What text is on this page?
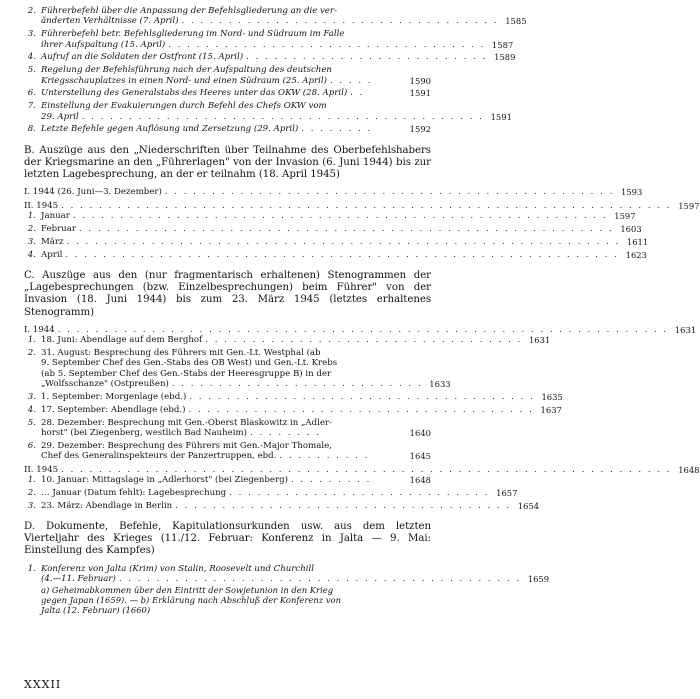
2. Führerbefehl über die Anpassung der Befehlsgliederung an die ver-
änderten Verhältnisse (7. April) . . . . . . . . . . . . . . . . . . . . . . . . . . . . . . . . . . 1585
3. Führerbefehl betr. Befehlsgliederung im Nord- und Südraum im Falle
ihrer Aufspaltung (15. April) . . . . . . . . . . . . . . . . . . . . . . . . . . . . . . . . . . 1587
4. Aufruf an die Soldaten der Ostfront (15. April) . . . . . . . . . . . . . . . . . . . . . . . . . . 1589
5. Regelung der Befehlsführung nach der Aufspaltung des deutschen
Kriegsschauplatzes in einen Nord- und einen Südraum (25. April) . . . . .	1590
6. Unterstellung des Generalstabs des Heeres unter das OKW (28. April) . .	1591
7. Einstellung der Evakuierungen durch Befehl des Chefs OKW vom
29. April . . . . . . . . . . . . . . . . . . . . . . . . . . . . . . . . . . . . . . . . . . . 1591
8. Letzte Befehle gegen Auflösung und Zersetzung (29. April) . . . . . . . .	1592
B. Auszüge aus den „Niederschriften über Teilnahme des Oberbefehlshabers der Kriegsmarine an den „Führerlagen" von der Invasion (6. Juni 1944) bis zur letzten Lagebesprechung, an der er teilnahm (18. April 1945)
I. 1944 (26. Juni—3. Dezember) . . . . . . . . . . . . . . . . . . . . . . . . . . . . . . . . . . . . . . . . . . . . . . . . 1593
II. 1945 . . . . . . . . . . . . . . . . . . . . . . . . . . . . . . . . . . . . . . . . . . . . . . . . . . . . . . . . . . . . . . . . . 1597
1. Januar . . . . . . . . . . . . . . . . . . . . . . . . . . . . . . . . . . . . . . . . . . . . . . . . . . . . . . . . . 1597
2. Februar . . . . . . . . . . . . . . . . . . . . . . . . . . . . . . . . . . . . . . . . . . . . . . . . . . . . . . . . . 1603
3. März . . . . . . . . . . . . . . . . . . . . . . . . . . . . . . . . . . . . . . . . . . . . . . . . . . . . . . . . . . . 1611
4. April . . . . . . . . . . . . . . . . . . . . . . . . . . . . . . . . . . . . . . . . . . . . . . . . . . . . . . . . . . . 1623
C. Auszüge aus den (nur fragmentarisch erhaltenen) Stenogrammen der „Lagebesprechungen (bzw. Einzelbesprechungen) beim Führer" von der Invasion (18. Juni 1944) bis zum 23. März 1945 (letztes erhaltenes Stenogramm)
I. 1944 . . . . . . . . . . . . . . . . . . . . . . . . . . . . . . . . . . . . . . . . . . . . . . . . . . . . . . . . . . . . . . . . . 1631
1. 18. Juni: Abendlage auf dem Berghof . . . . . . . . . . . . . . . . . . . . . . . . . . . . . . . . . . 1631
2. 31. August: Besprechung des Führers mit Gen.-Lt. Westphal (ab
9. September Chef des Gen.-Stabs des OB West) und Gen.-Lt. Krebs
(ab 5. September Chef des Gen.-Stabs der Heeresgruppe B) in der
„Wolfsschanze" (Ostpreußen) . . . . . . . . . . . . . . . . . . . . . . . . . . . 1633
3. 1. September: Morgenlage (ebd.) . . . . . . . . . . . . . . . . . . . . . . . . . . . . . . . . . . . . . 1635
4. 17. September: Abendlage (ebd.) . . . . . . . . . . . . . . . . . . . . . . . . . . . . . . . . . . . . . 1637
5. 28. Dezember: Besprechung mit Gen.-Oberst Blaskowitz in „Adler-
horst" (bei Ziegenberg, westlich Bad Nauheim) . . . . . . . .	1640
6. 29. Dezember: Besprechung des Führers mit Gen.-Major Thomale,
Chef des Generalinspekteurs der Panzertruppen, ebd. . . . . . . . . . .	1645
II. 1945 . . . . . . . . . . . . . . . . . . . . . . . . . . . . . . . . . . . . . . . . . . . . . . . . . . . . . . . . . . . . . . . . . 1648
1. 10. Januar: Mittagslage in „Adlerhorst" (bei Ziegenberg) . . . . . . . . .	1648
2. … Januar (Datum fehlt): Lagebesprechung . . . . . . . . . . . . . . . . . . . . . . . . . . . . 1657
3. 23. März: Abendlage in Berlin . . . . . . . . . . . . . . . . . . . . . . . . . . . . . . . . . . . . 1654
D. Dokumente, Befehle, Kapitulationsurkunden usw. aus dem letzten Vierteljahr des Krieges (11./12. Februar: Konferenz in Jalta — 9. Mai: Einstellung des Kampfes)
1. Konferenz von Jalta (Krim) von Stalin, Roosevelt und Churchill
(4.—11. Februar) . . . . . . . . . . . . . . . . . . . . . . . . . . . . . . . . . . . . . . . . . . . 1659
a) Geheimabkommen über den Eintritt der Sowjetunion in den Krieg
gegen Japan (1659). — b) Erklärung nach Abschluß der Konferenz von
Jalta (12. Februar) (1660)
XXXII
